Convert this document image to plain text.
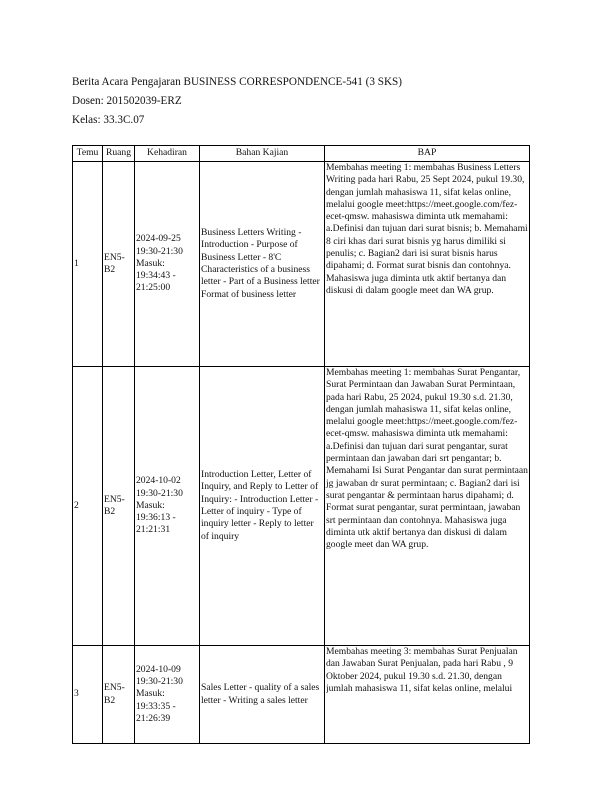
Berita Acara Pengajaran BUSINESS CORRESPONDENCE-541 (3 SKS)
Dosen: 201502039-ERZ
Kelas: 33.3C.07
Temu	Ruang	Kehadiran	Bahan Kajian	BAP
1	EN5-B2	2024-09-25 19:30-21:30 Masuk: 19:34:43 - 21:25:00	Business Letters Writing - Introduction - Purpose of Business Letter - 8'C Characteristics of a business letter - Part of a Business letter Format of business letter	Membahas meeting 1: membahas Business Letters Writing pada hari Rabu, 25 Sept 2024, pukul 19.30, dengan jumlah mahasiswa 11, sifat kelas online, melalui google meet:https://meet.google.com/fez-ecet-qmsw. mahasiswa diminta utk memahami: a.Definisi dan tujuan dari surat bisnis; b. Memahami 8 ciri khas dari surat bisnis yg harus dimiliki si penulis; c. Bagian2 dari isi surat bisnis harus dipahami; d. Format surat bisnis dan contohnya. Mahasiswa juga diminta utk aktif bertanya dan diskusi di dalam google meet dan WA grup.
2	EN5-B2	2024-10-02 19:30-21:30 Masuk: 19:36:13 - 21:21:31	Introduction Letter, Letter of Inquiry, and Reply to Letter of Inquiry: - Introduction Letter - Letter of inquiry - Type of inquiry letter - Reply to letter of inquiry	Membahas meeting 1: membahas Surat Pengantar, Surat Permintaan dan Jawaban Surat Permintaan, pada hari Rabu, 25 2024, pukul 19.30 s.d. 21.30, dengan jumlah mahasiswa 11, sifat kelas online, melalui google meet:https://meet.google.com/fez-ecet-qmsw. mahasiswa diminta utk memahami: a.Definisi dan tujuan dari surat pengantar, surat permintaan dan jawaban dari srt pengantar; b. Memahami Isi Surat Pengantar dan surat permintaan jg jawaban dr surat permintaan; c. Bagian2 dari isi surat pengantar & permintaan harus dipahami; d. Format surat pengantar, surat permintaan, jawaban srt permintaan dan contohnya. Mahasiswa juga diminta utk aktif bertanya dan diskusi di dalam google meet dan WA grup.
3	EN5-B2	2024-10-09 19:30-21:30 Masuk: 19:33:35 - 21:26:39	Sales Letter - quality of a sales letter - Writing a sales letter	Membahas meeting 3: membahas Surat Penjualan dan Jawaban Surat Penjualan, pada hari Rabu , 9 Oktober 2024, pukul 19.30 s.d. 21.30, dengan jumlah mahasiswa 11, sifat kelas online, melalui
